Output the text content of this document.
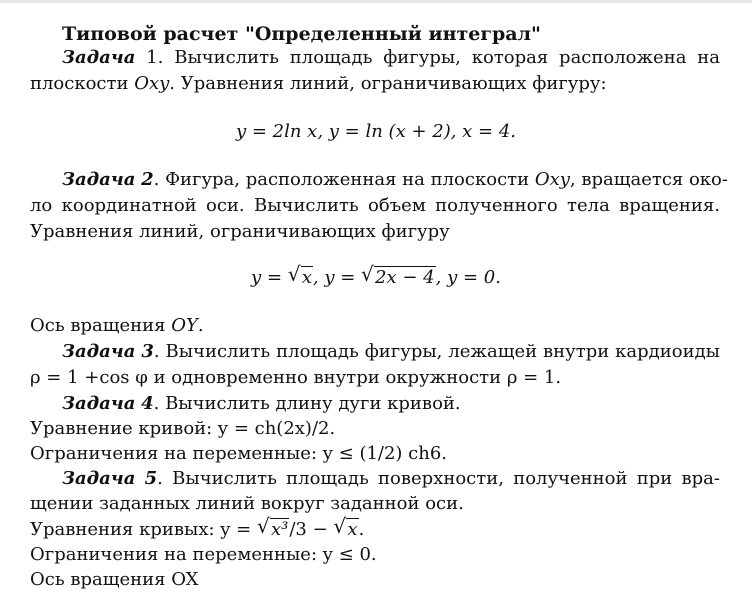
Типовой расчет "Определенный интеграл"
Задача 1. Вычислить площадь фигуры, которая расположена на
плоскости Oxy. Уравнения линий, ограничивающих фигуру:
y = 2ln x, y = ln (x + 2), x = 4.
Задача 2. Фигура, расположенная на плоскости Oxy, вращается око-
ло координатной оси. Вычислить объем полученного тела вращения.
Уравнения линий, ограничивающих фигуру
y = √ x, y = √ 2x − 4, y = 0.
Ось вращения OY.
Задача 3. Вычислить площадь фигуры, лежащей внутри кардиоиды
ρ = 1 +cos φ и одновременно внутри окружности ρ = 1.
Задача 4. Вычислить длину дуги кривой.
Уравнение кривой: y = ch(2x)/2.
Ограничения на переменные: y ≤ (1/2) ch6.
Задача 5. Вычислить площадь поверхности, полученной при вра-
щении заданных линий вокруг заданной оси.
Уравнения кривых: y = √ x³/3 − √ x.
Ограничения на переменные: y ≤ 0.
Ось вращения OX
